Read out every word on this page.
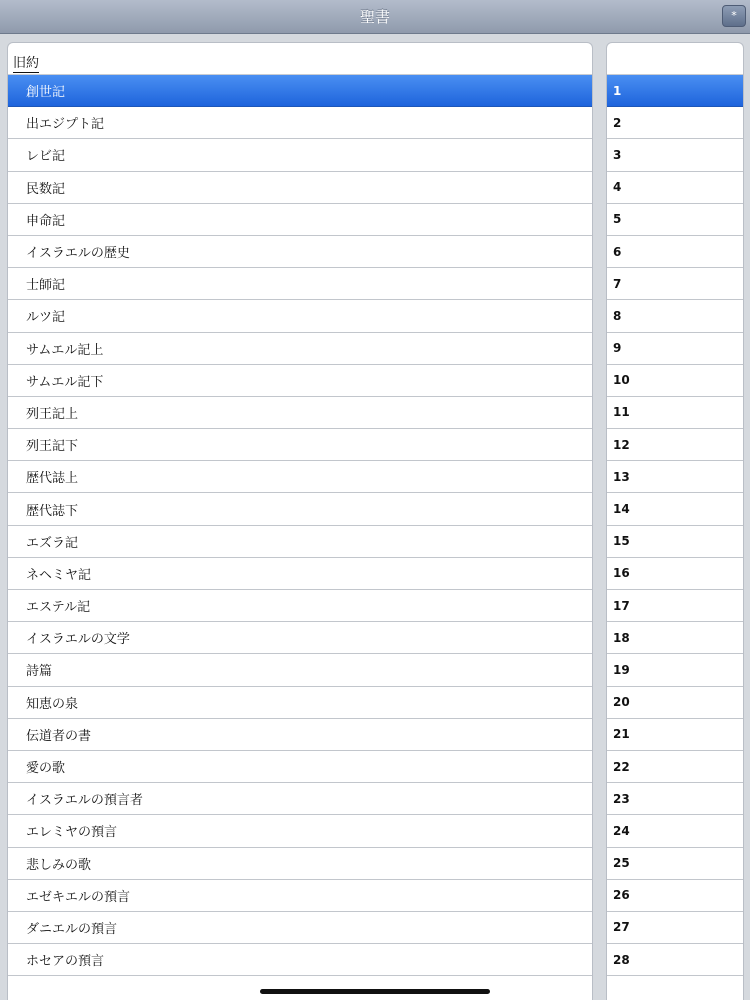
聖書	*
旧約
創世記
出エジプト記
レビ記
民数記
申命記
イスラエルの歴史
士師記
ルツ記
サムエル記上
サムエル記下
列王記上
列王記下
歴代誌上
歴代誌下
エズラ記
ネヘミヤ記
エステル記
イスラエルの文学
詩篇
知恵の泉
伝道者の書
愛の歌
イスラエルの預言者
エレミヤの預言
悲しみの歌
エゼキエルの預言
ダニエルの預言
ホセアの預言
1
2
3
4
5
6
7
8
9
10
11
12
13
14
15
16
17
18
19
20
21
22
23
24
25
26
27
28
